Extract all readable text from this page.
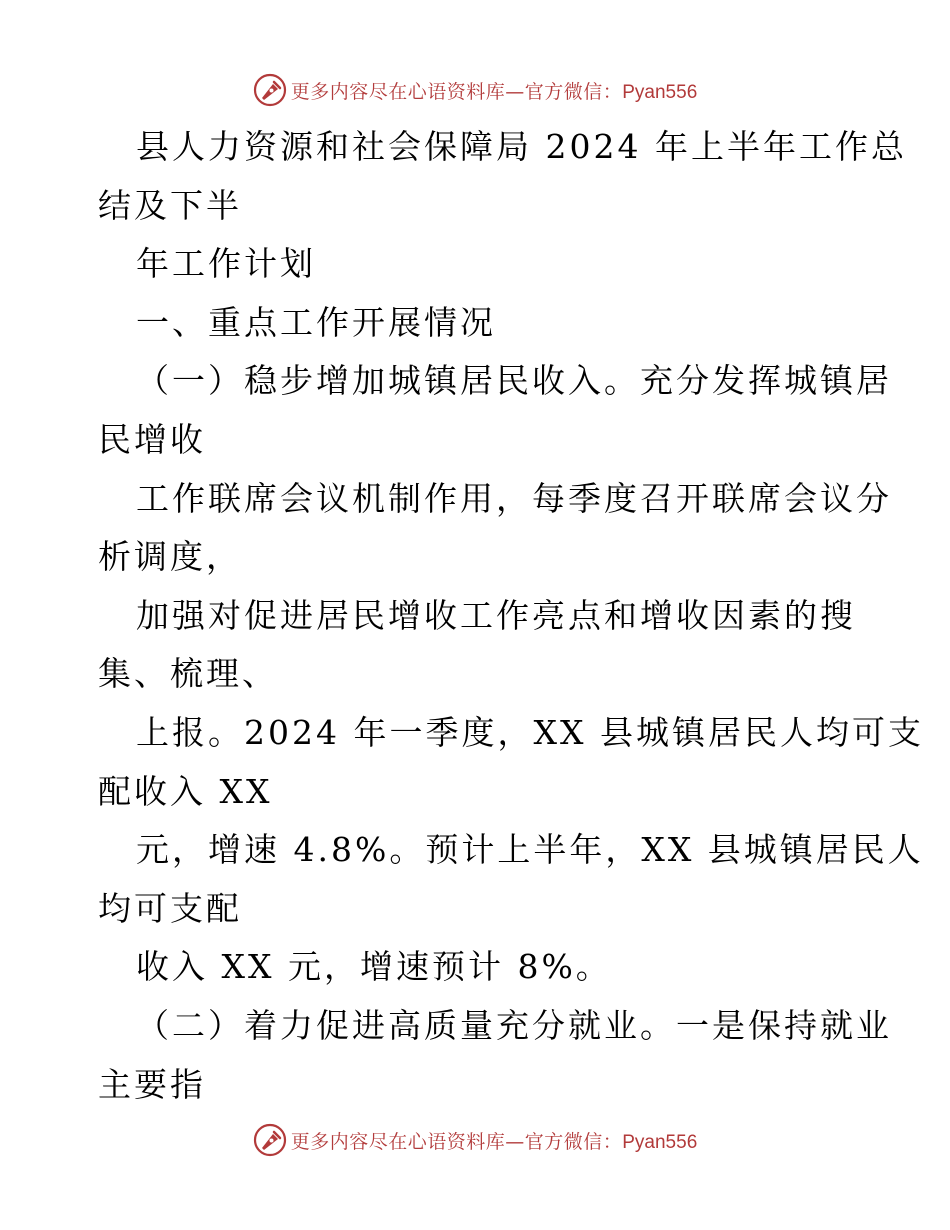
更多内容尽在心语资料库—官方微信：Pyan556
县人力资源和社会保障局 2024 年上半年工作总
结及下半
年工作计划
一、重点工作开展情况
（一）稳步增加城镇居民收入。充分发挥城镇居
民增收
工作联席会议机制作用，每季度召开联席会议分
析调度，
加强对促进居民增收工作亮点和增收因素的搜
集、梳理、
上报。2024 年一季度，XX 县城镇居民人均可支
配收入 XX
元，增速 4.8%。预计上半年，XX 县城镇居民人
均可支配
收入 XX 元，增速预计 8%。
（二）着力促进高质量充分就业。一是保持就业
主要指
更多内容尽在心语资料库—官方微信：Pyan556
